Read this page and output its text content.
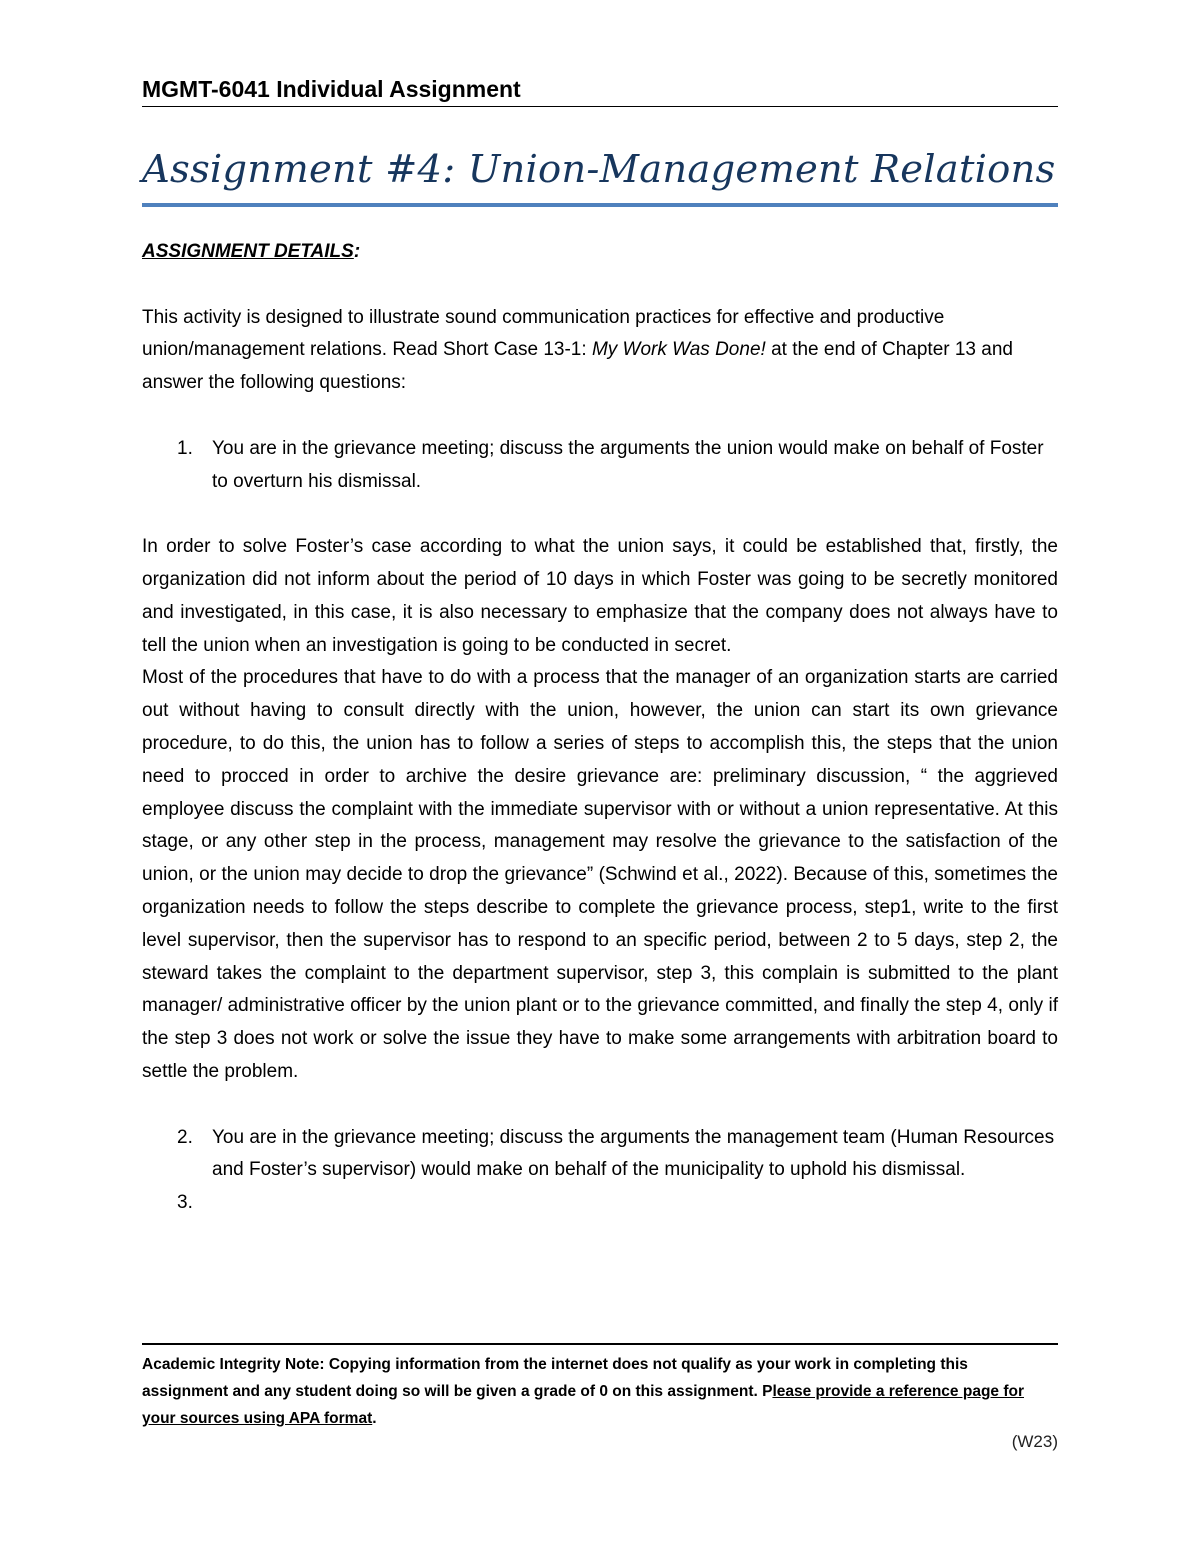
MGMT-6041 Individual Assignment
Assignment #4: Union-Management Relations

ASSIGNMENT DETAILS:

This activity is designed to illustrate sound communication practices for effective and productive union/management relations. Read Short Case 13-1: My Work Was Done! at the end of Chapter 13 and answer the following questions:

1.	You are in the grievance meeting; discuss the arguments the union would make on behalf of Foster to overturn his dismissal.

In order to solve Foster’s case according to what the union says, it could be established that, firstly, the organization did not inform about the period of 10 days in which Foster was going to be secretly monitored and investigated, in this case, it is also necessary to emphasize that the company does not always have to tell the union when an investigation is going to be conducted in secret.

Most of the procedures that have to do with a process that the manager of an organization starts are carried out without having to consult directly with the union, however, the union can start its own grievance procedure, to do this, the union has to follow a series of steps to accomplish this, the steps that the union need to procced in order to archive the desire grievance are: preliminary discussion, “ the aggrieved employee discuss the complaint with the immediate supervisor with or without a union representative. At this stage, or any other step in the process, management may resolve the grievance to the satisfaction of the union, or the union may decide to drop the grievance” (Schwind et al., 2022). Because of this, sometimes the organization needs to follow the steps describe to complete the grievance process, step1, write to the first level supervisor, then the supervisor has to respond to an specific period, between 2 to 5 days, step 2, the steward takes the complaint to the department supervisor, step 3, this complain is submitted to the plant manager/ administrative officer by the union plant or to the grievance committed, and finally the step 4, only if the step 3 does not work or solve the issue they have to make some arrangements with arbitration board to settle the problem.

2.	You are in the grievance meeting; discuss the arguments the management team (Human Resources and Foster’s supervisor) would make on behalf of the municipality to uphold his dismissal.
3.
Academic Integrity Note: Copying information from the internet does not qualify as your work in completing this assignment and any student doing so will be given a grade of 0 on this assignment. Please provide a reference page for your sources using APA format.
(W23)
